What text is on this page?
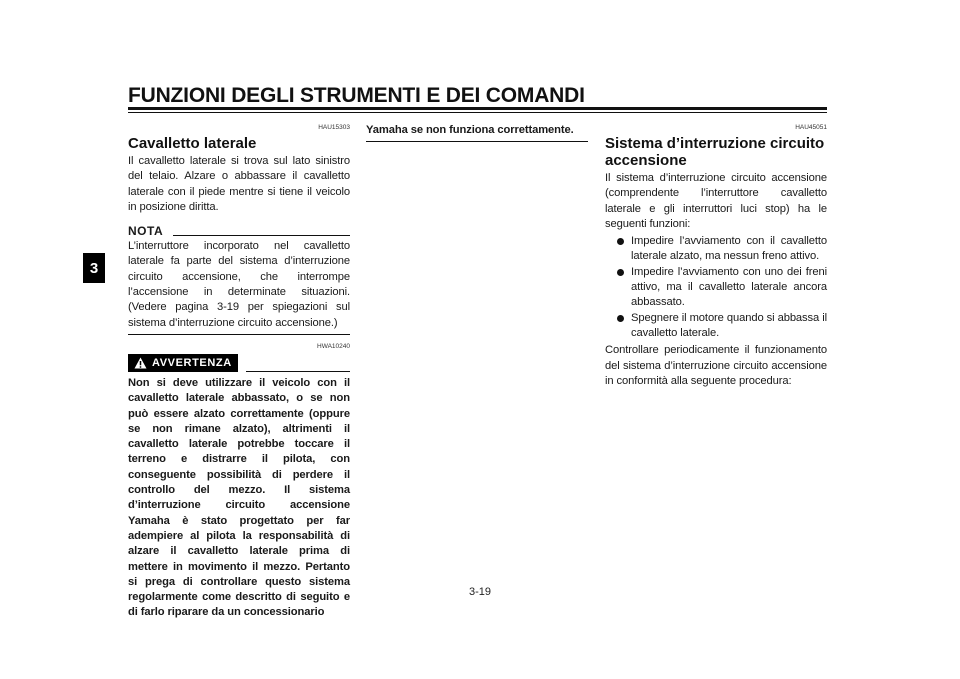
FUNZIONI DEGLI STRUMENTI E DEI COMANDI
3
HAU15303
Cavalletto laterale

Il cavalletto laterale si trova sul lato sinistro del telaio. Alzare o abbassare il cavalletto laterale con il piede mentre si tiene il veicolo in posizione diritta.

NOTA

L’interruttore incorporato nel cavalletto laterale fa parte del sistema d’interruzione circuito accensione, che interrompe l’accensione in determinate situazioni. (Vedere pagina 3-19 per spiegazioni sul sistema d’interruzione circuito accensione.)

HWA10240
AVVERTENZA

Non si deve utilizzare il veicolo con il cavalletto laterale abbassato, o se non può essere alzato correttamente (oppure se non rimane alzato), altrimenti il cavalletto laterale potrebbe toccare il terreno e distrarre il pilota, con conseguente possibilità di perdere il controllo del mezzo. Il sistema d’interruzione circuito accensione Yamaha è stato progettato per far adempiere al pilota la responsabilità di alzare il cavalletto laterale prima di mettere in movimento il mezzo. Pertanto si prega di controllare questo sistema regolarmente come descritto di seguito e di farlo riparare da un concessionario

Yamaha se non funziona correttamente.	HAU45051
Sistema d’interruzione circuito accensione

Il sistema d’interruzione circuito accensione (comprendente l’interruttore cavalletto laterale e gli interruttori luci stop) ha le seguenti funzioni:

Impedire l’avviamento con il cavalletto laterale alzato, ma nessun freno attivo.
Impedire l’avviamento con uno dei freni attivo, ma il cavalletto laterale ancora abbassato.
Spegnere il motore quando si abbassa il cavalletto laterale.

Controllare periodicamente il funzionamento del sistema d’interruzione circuito accensione in conformità alla seguente procedura:

3-19
